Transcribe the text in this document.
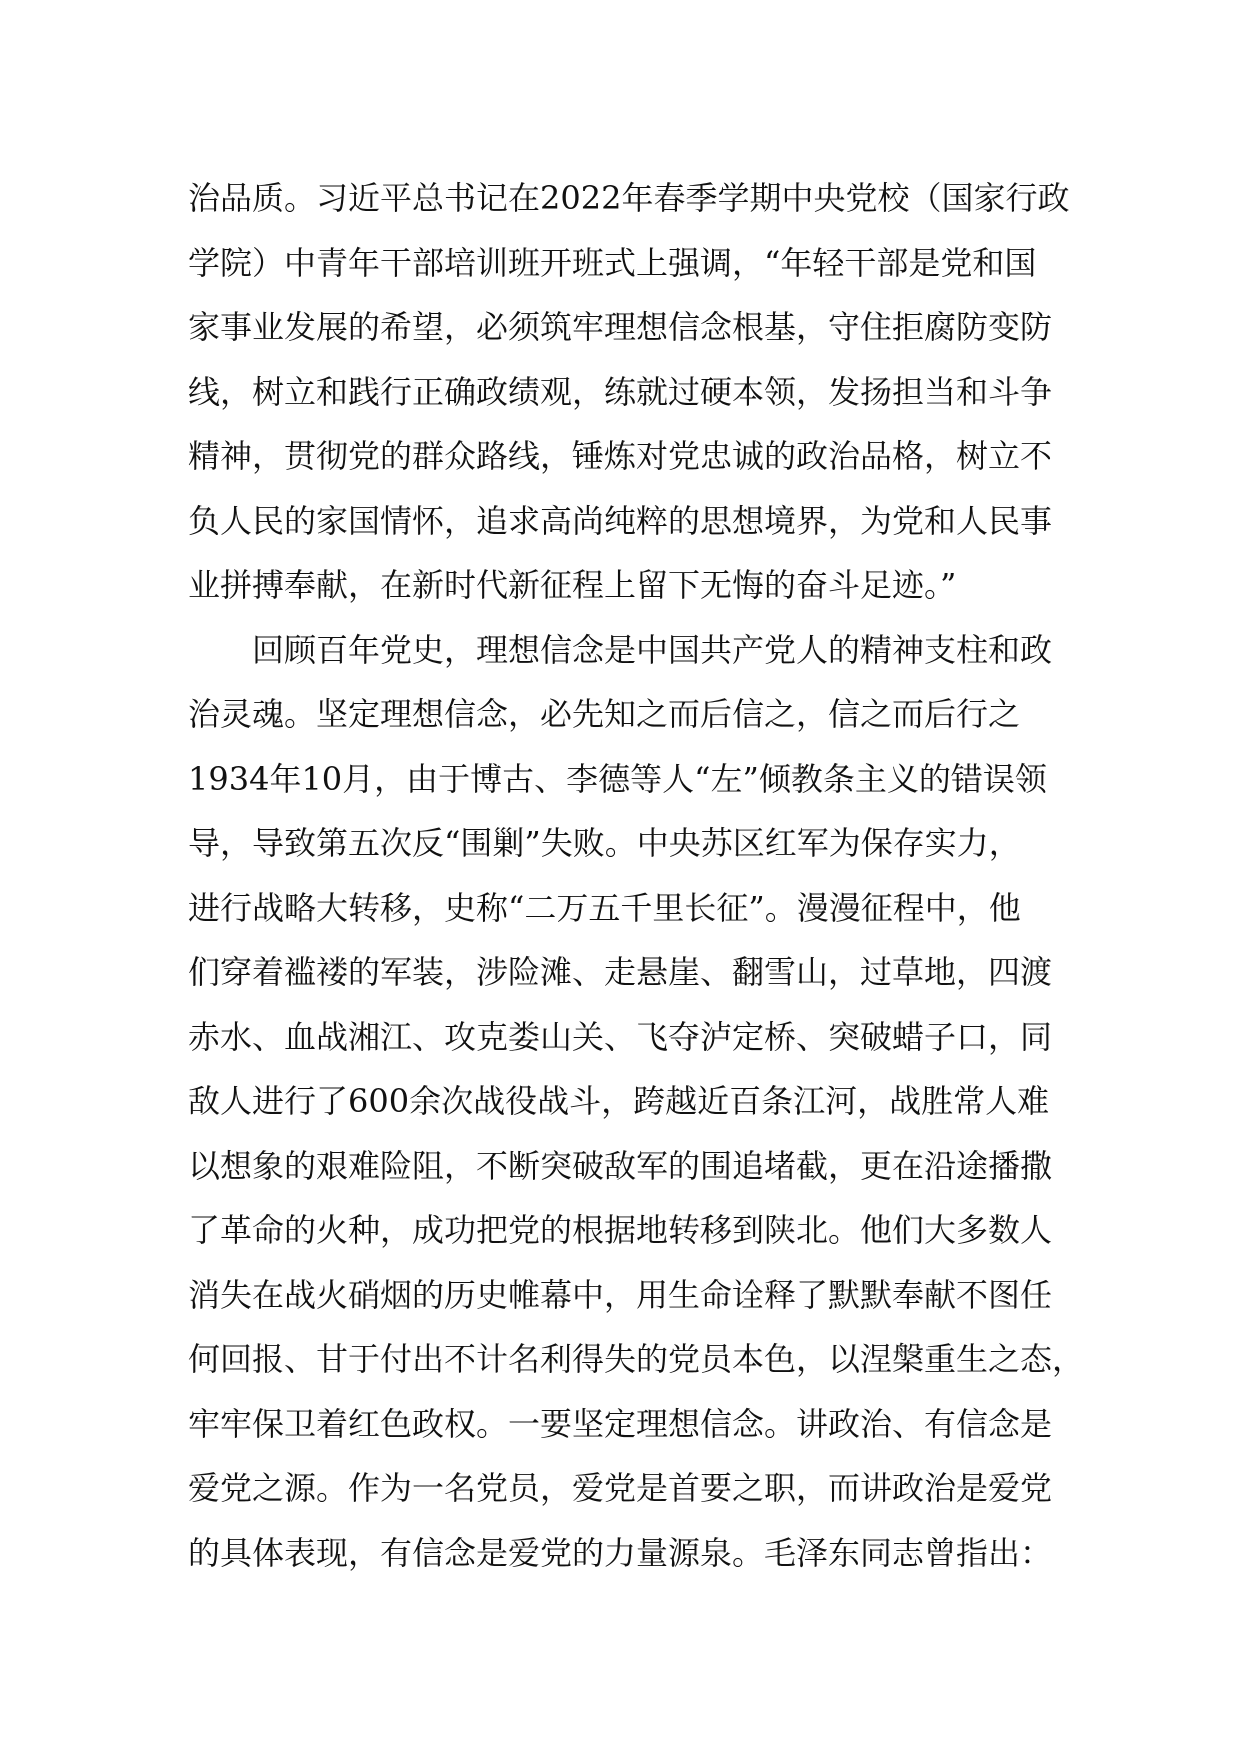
治品质。习近平总书记在2022年春季学期中央党校（国家行政
学院）中青年干部培训班开班式上强调，“年轻干部是党和国
家事业发展的希望，必须筑牢理想信念根基，守住拒腐防变防
线，树立和践行正确政绩观，练就过硬本领，发扬担当和斗争
精神，贯彻党的群众路线，锤炼对党忠诚的政治品格，树立不
负人民的家国情怀，追求高尚纯粹的思想境界，为党和人民事
业拼搏奉献，在新时代新征程上留下无悔的奋斗足迹。”
回顾百年党史，理想信念是中国共产党人的精神支柱和政
治灵魂。坚定理想信念，必先知之而后信之，信之而后行之
1934年10月，由于博古、李德等人“左”倾教条主义的错误领
导，导致第五次反“围剿”失败。中央苏区红军为保存实力，
进行战略大转移，史称“二万五千里长征”。漫漫征程中，他
们穿着褴褛的军装，涉险滩、走悬崖、翻雪山，过草地，四渡
赤水、血战湘江、攻克娄山关、飞夺泸定桥、突破蜡子口，同
敌人进行了600余次战役战斗，跨越近百条江河，战胜常人难
以想象的艰难险阻，不断突破敌军的围追堵截，更在沿途播撒
了革命的火种，成功把党的根据地转移到陕北。他们大多数人
消失在战火硝烟的历史帷幕中，用生命诠释了默默奉献不图任
何回报、甘于付出不计名利得失的党员本色，以涅槃重生之态，
牢牢保卫着红色政权。一要坚定理想信念。讲政治、有信念是
爱党之源。作为一名党员，爱党是首要之职，而讲政治是爱党
的具体表现，有信念是爱党的力量源泉。毛泽东同志曾指出：
